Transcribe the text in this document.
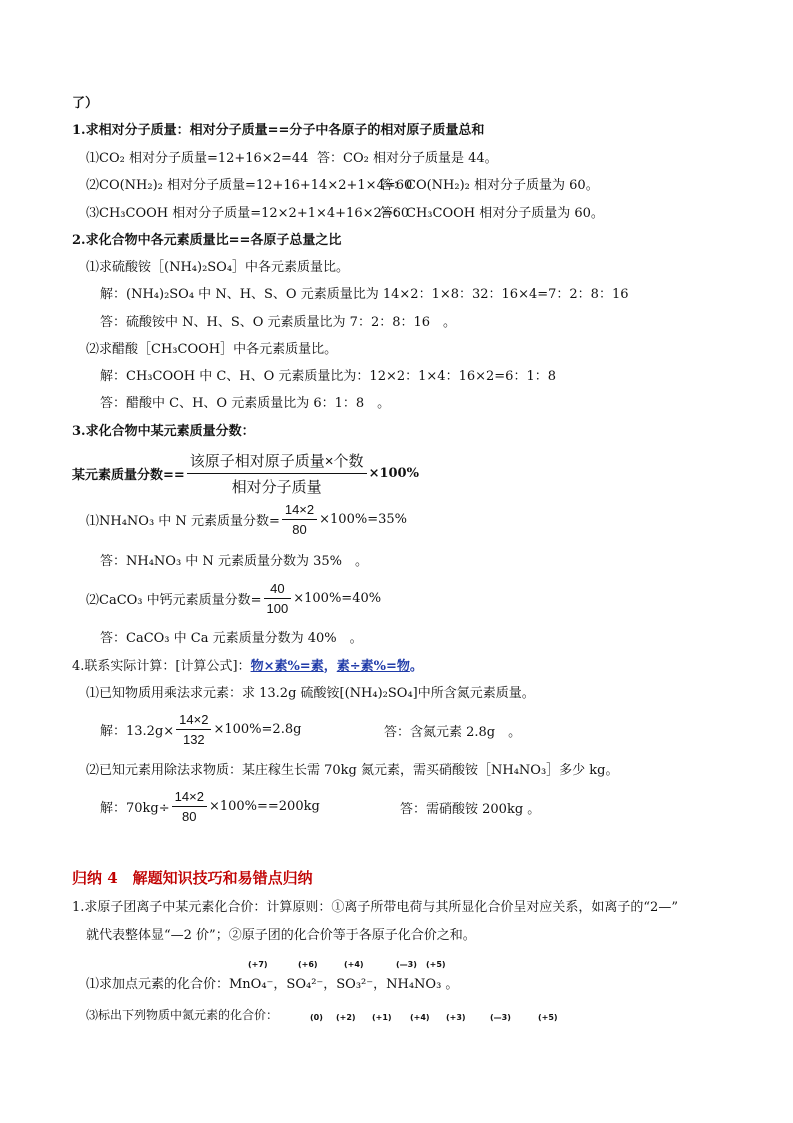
了）
1.求相对分子质量：相对分子质量==分子中各原子的相对原子质量总和
⑴CO₂ 相对分子质量=12+16×2=44 答：CO₂ 相对分子质量是 44。
⑵CO(NH₂)₂ 相对分子质量=12+16+14×2+1×4=60
答：CO(NH₂)₂ 相对分子质量为 60。
⑶CH₃COOH 相对分子质量=12×2+1×4+16×2=60
答：CH₃COOH 相对分子质量为 60。
2.求化合物中各元素质量比==各原子总量之比
⑴求硫酸铵［(NH₄)₂SO₄］中各元素质量比。
解：(NH₄)₂SO₄ 中 N、H、S、O 元素质量比为 14×2：1×8：32：16×4=7：2：8：16
答：硫酸铵中 N、H、S、O 元素质量比为 7：2：8：16　。
⑵求醋酸［CH₃COOH］中各元素质量比。
解：CH₃COOH 中 C、H、O 元素质量比为：12×2：1×4：16×2=6：1：8
答：醋酸中 C、H、O 元素质量比为 6：1：8　。
3.求化合物中某元素质量分数：
某元素质量分数== $\frac{\text{该原子相对原子质量×个数}}{\text{相对分子质量}} \times 100\%$
⑴NH₄NO₃ 中 N 元素质量分数= $\frac{14\times 2}{80} \times 100\%=35\%$
答：NH₄NO₃ 中 N 元素质量分数为 35%　。
⑵CaCO₃ 中钙元素质量分数= $\frac{40}{100} \times 100\%=40\%$
答：CaCO₃ 中 Ca 元素质量分数为 40%　。
4.联系实际计算：[计算公式]：物×素%=素，素÷素%=物。
⑴已知物质用乘法求元素：求 13.2g 硫酸铵[(NH₄)₂SO₄]中所含氮元素质量。
解：$13.2g\times \frac{14\times 2}{132} \times 100\%=2.8g$	答：含氮元素 2.8g　。
⑵已知元素用除法求物质：某庄稼生长需 70kg 氮元素，需买硝酸铵［NH₄NO₃］多少 kg。
解：$70kg\div \frac{14\times 2}{80} \times 100\%==200kg$	答：需硝酸铵 200kg 。
归纳 4　解题知识技巧和易错点归纳
1.求原子团离子中某元素化合价：计算原则：①离子所带电荷与其所显化合价呈对应关系，如离子的“2—”
就代表整体显“—2 价”；②原子团的化合价等于各原子化合价之和。
(+7)	(+6)	(+4)	(—3) (+5)
⑴求加点元素的化合价：MnO₄⁻，SO₄²⁻，SO₃²⁻，NH₄NO₃ 。
⑶标出下列物质中氮元素的化合价：	(0) (+2) (+1) (+4) (+3)	(—3)	(+5)
